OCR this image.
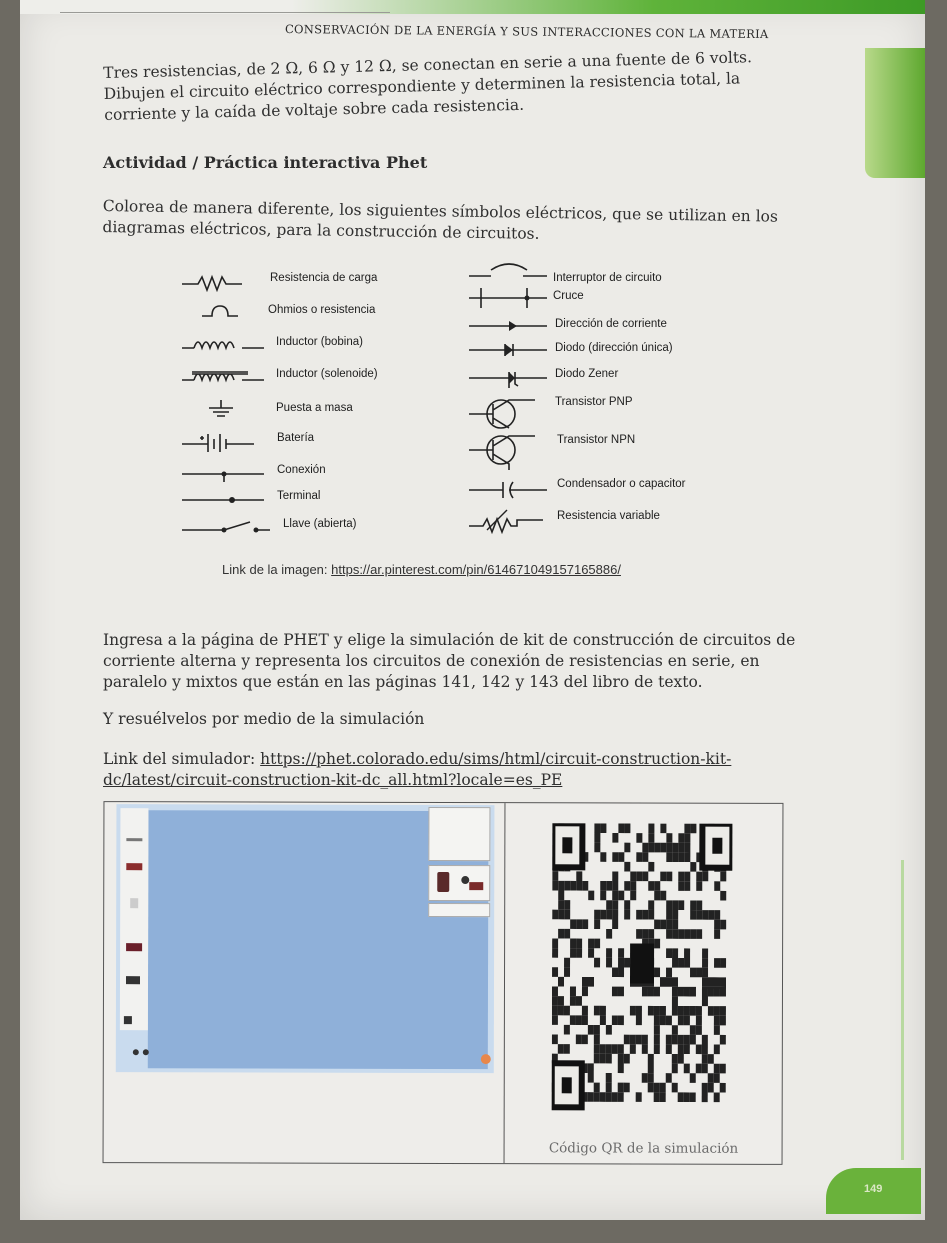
CONSERVACIÓN DE LA ENERGÍA Y SUS INTERACCIONES CON LA MATERIA
Tres resistencias, de 2 Ω, 6 Ω y 12 Ω, se conectan en serie a una fuente de 6 volts. Dibujen el circuito eléctrico correspondiente y determinen la resistencia total, la corriente y la caída de voltaje sobre cada resistencia.
Actividad / Práctica interactiva Phet
Colorea de manera diferente, los siguientes símbolos eléctricos, que se utilizan en los diagramas eléctricos, para la construcción de circuitos.
Resistencia de carga
Ohmios o resistencia
Inductor (bobina)
Inductor (solenoide)
Puesta a masa
Batería
Conexión
Terminal
Llave (abierta)
Interruptor de circuito
Cruce
Dirección de corriente
Diodo (dirección única)
Diodo Zener
Transistor PNP
Transistor NPN
Condensador o capacitor
Resistencia variable
Link de la imagen: https://ar.pinterest.com/pin/614671049157165886/
Ingresa a la página de PHET y elige la simulación de kit de construcción de circuitos de corriente alterna y representa los circuitos de conexión de resistencias en serie, en paralelo y mixtos que están en las páginas 141, 142 y 143 del libro de texto.
Y resuélvelos por medio de la simulación
Link del simulador: https://phet.colorado.edu/sims/html/circuit-construction-kit-dc/latest/circuit-construction-kit-dc_all.html?locale=es_PE
Código QR de la simulación
149
